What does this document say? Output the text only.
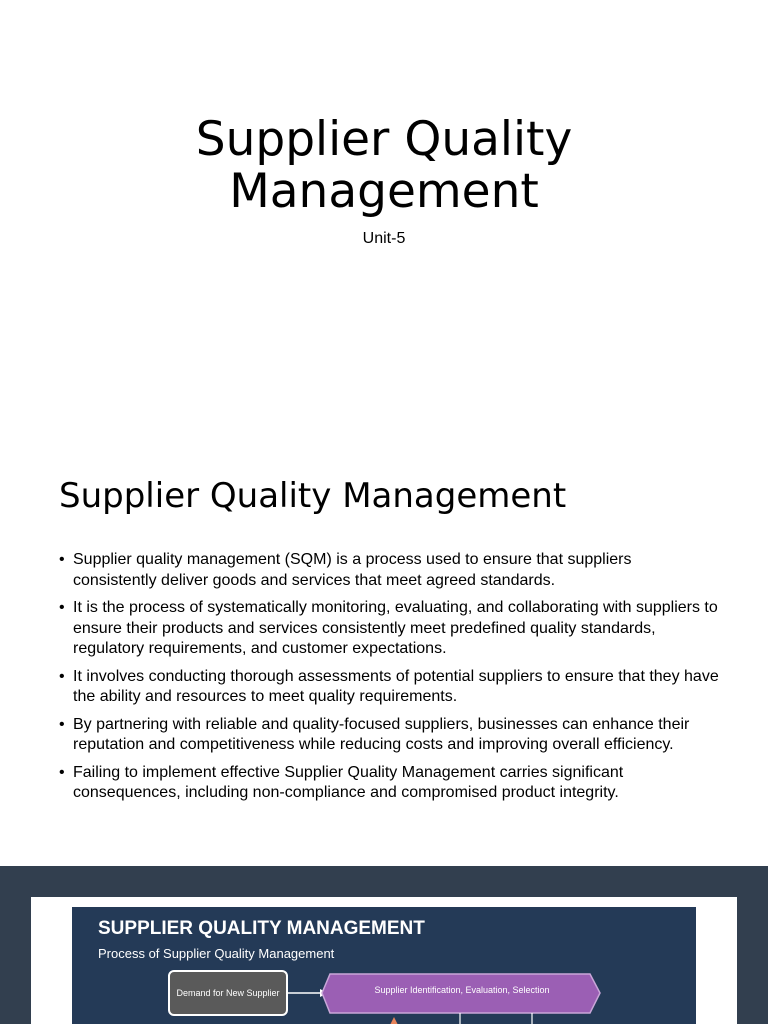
Supplier Quality
Management
Unit-5
Supplier Quality Management
• Supplier quality management (SQM) is a process used to ensure that suppliers consistently deliver goods and services that meet agreed standards.
• It is the process of systematically monitoring, evaluating, and collaborating with suppliers to ensure their products and services consistently meet predefined quality standards, regulatory requirements, and customer expectations.
• It involves conducting thorough assessments of potential suppliers to ensure that they have the ability and resources to meet quality requirements.
• By partnering with reliable and quality-focused suppliers, businesses can enhance their reputation and competitiveness while reducing costs and improving overall efficiency.
• Failing to implement effective Supplier Quality Management carries significant consequences, including non-compliance and compromised product integrity.
SUPPLIER QUALITY MANAGEMENT
Process of Supplier Quality Management
Demand for New Supplier	Supplier Identification, Evaluation, Selection
